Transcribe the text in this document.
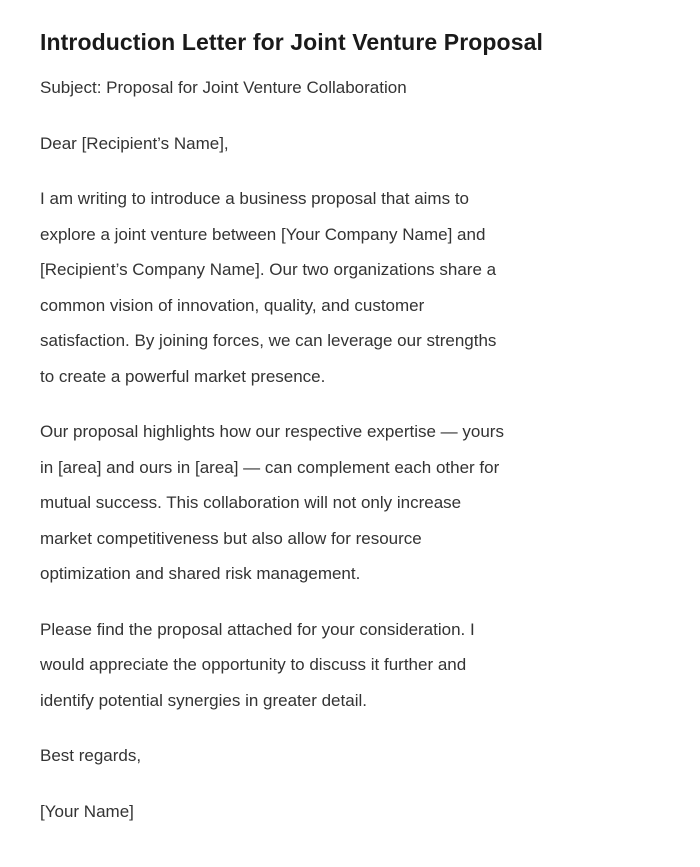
Introduction Letter for Joint Venture Proposal

Subject: Proposal for Joint Venture Collaboration

Dear [Recipient’s Name],

I am writing to introduce a business proposal that aims to
explore a joint venture between [Your Company Name] and
[Recipient’s Company Name]. Our two organizations share a
common vision of innovation, quality, and customer
satisfaction. By joining forces, we can leverage our strengths
to create a powerful market presence.

Our proposal highlights how our respective expertise — yours
in [area] and ours in [area] — can complement each other for
mutual success. This collaboration will not only increase
market competitiveness but also allow for resource
optimization and shared risk management.

Please find the proposal attached for your consideration. I
would appreciate the opportunity to discuss it further and
identify potential synergies in greater detail.

Best regards,

[Your Name]
